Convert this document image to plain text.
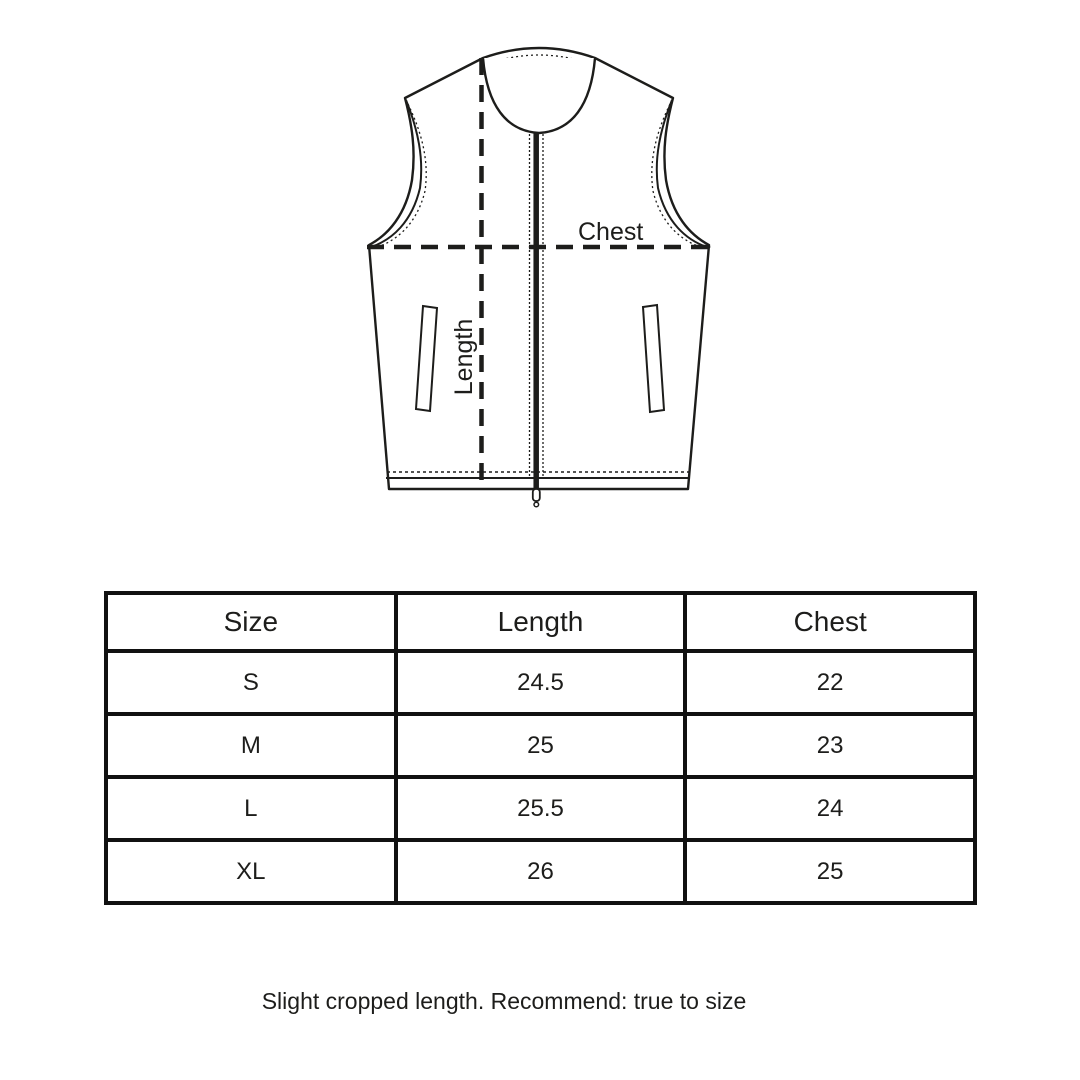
Chest
Length
Size	Length	Chest
S	24.5	22
M	25	23
L	25.5	24
XL	26	25
Slight cropped length. Recommend: true to size
